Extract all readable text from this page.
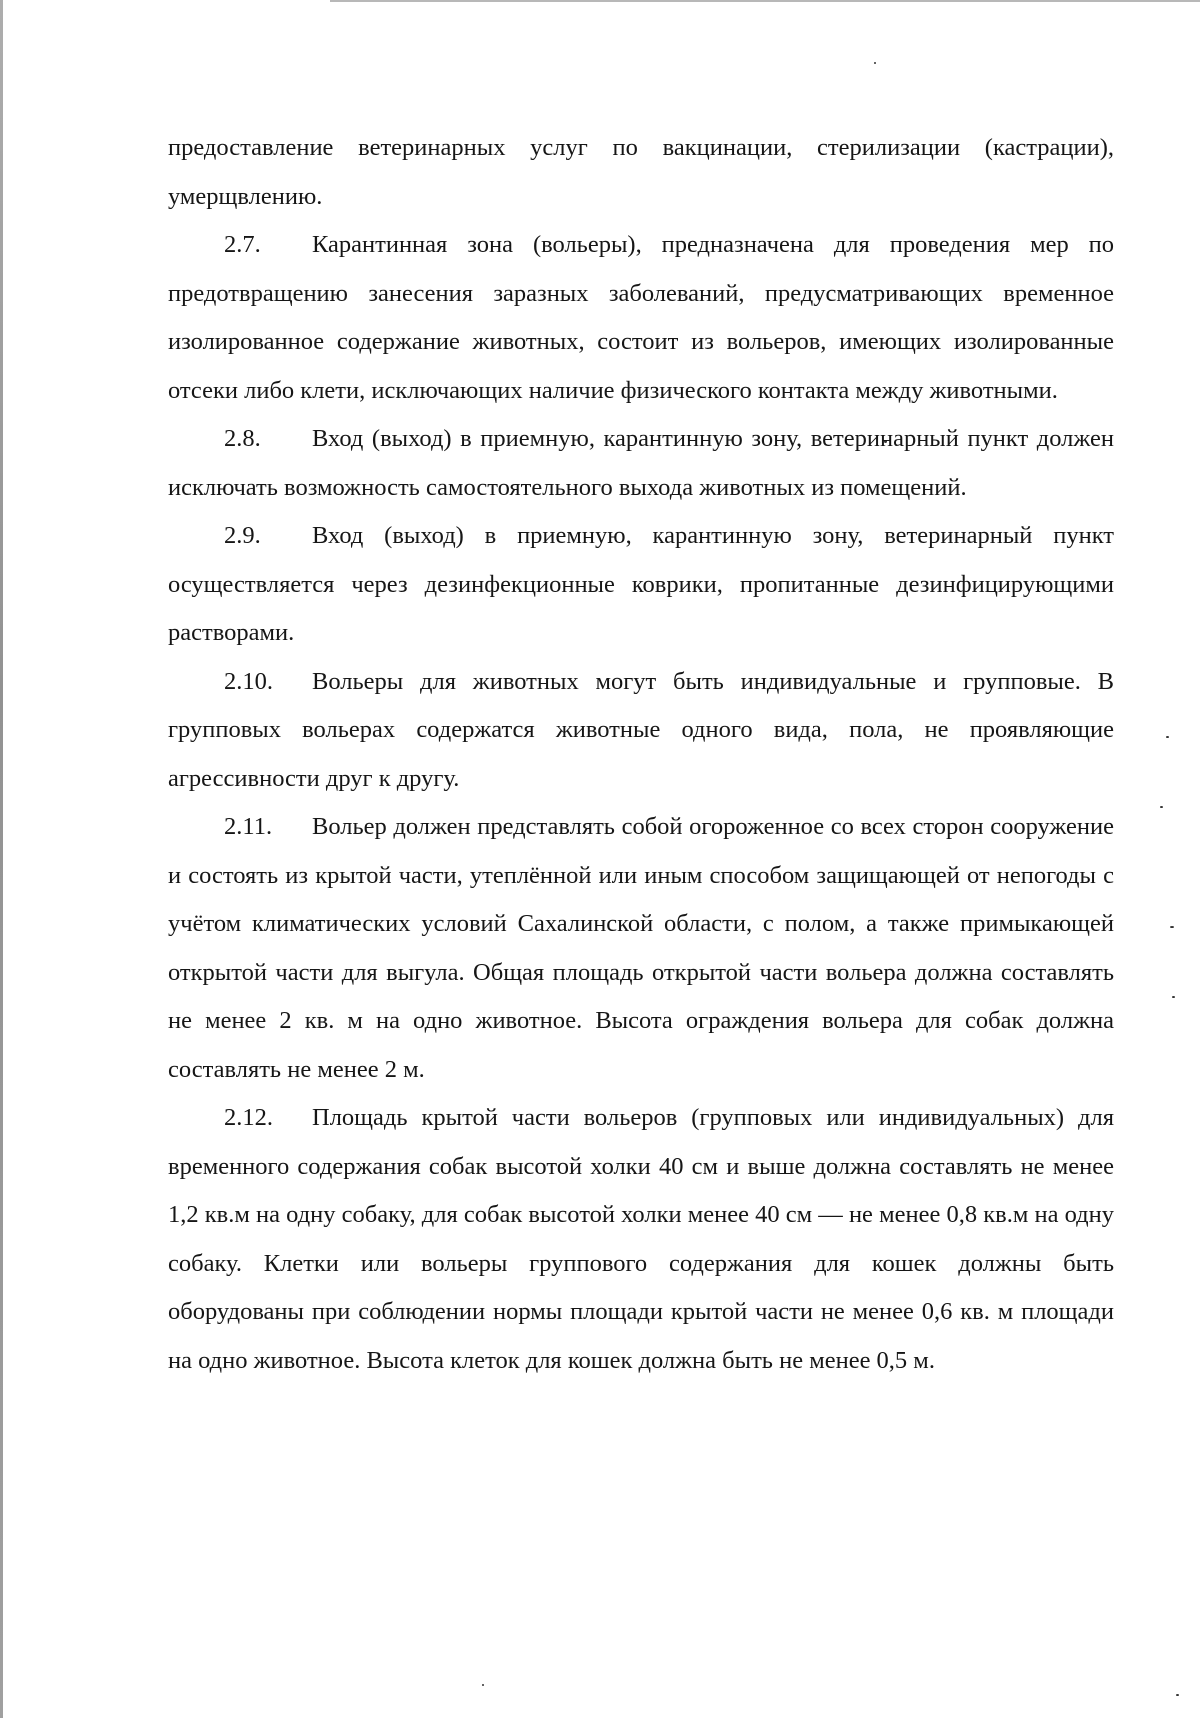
предоставление ветеринарных услуг по вакцинации, стерилизации (кастрации), умерщвлению.

2.7. Карантинная зона (вольеры), предназначена для проведения мер по предотвращению занесения заразных заболеваний, предусматривающих временное изолированное содержание животных, состоит из вольеров, имеющих изолированные отсеки либо клети, исключающих наличие физического контакта между животными.

2.8. Вход (выход) в приемную, карантинную зону, ветеринарный пункт должен исключать возможность самостоятельного выхода животных из помещений.

2.9. Вход (выход) в приемную, карантинную зону, ветеринарный пункт осуществляется через дезинфекционные коврики, пропитанные дезинфицирующими растворами.

2.10. Вольеры для животных могут быть индивидуальные и групповые. В групповых вольерах содержатся животные одного вида, пола, не проявляющие агрессивности друг к другу.

2.11. Вольер должен представлять собой огороженное со всех сторон сооружение и состоять из крытой части, утеплённой или иным способом защищающей от непогоды с учётом климатических условий Сахалинской области, с полом, а также примыкающей открытой части для выгула. Общая площадь открытой части вольера должна составлять не менее 2 кв. м на одно животное. Высота ограждения вольера для собак должна составлять не менее 2 м.

2.12. Площадь крытой части вольеров (групповых или индивидуальных) для временного содержания собак высотой холки 40 см и выше должна составлять не менее 1,2 кв.м на одну собаку, для собак высотой холки менее 40 см — не менее 0,8 кв.м на одну собаку. Клетки или вольеры группового содержания для кошек должны быть оборудованы при соблюдении нормы площади крытой части не менее 0,6 кв. м площади на одно животное. Высота клеток для кошек должна быть не менее 0,5 м.
